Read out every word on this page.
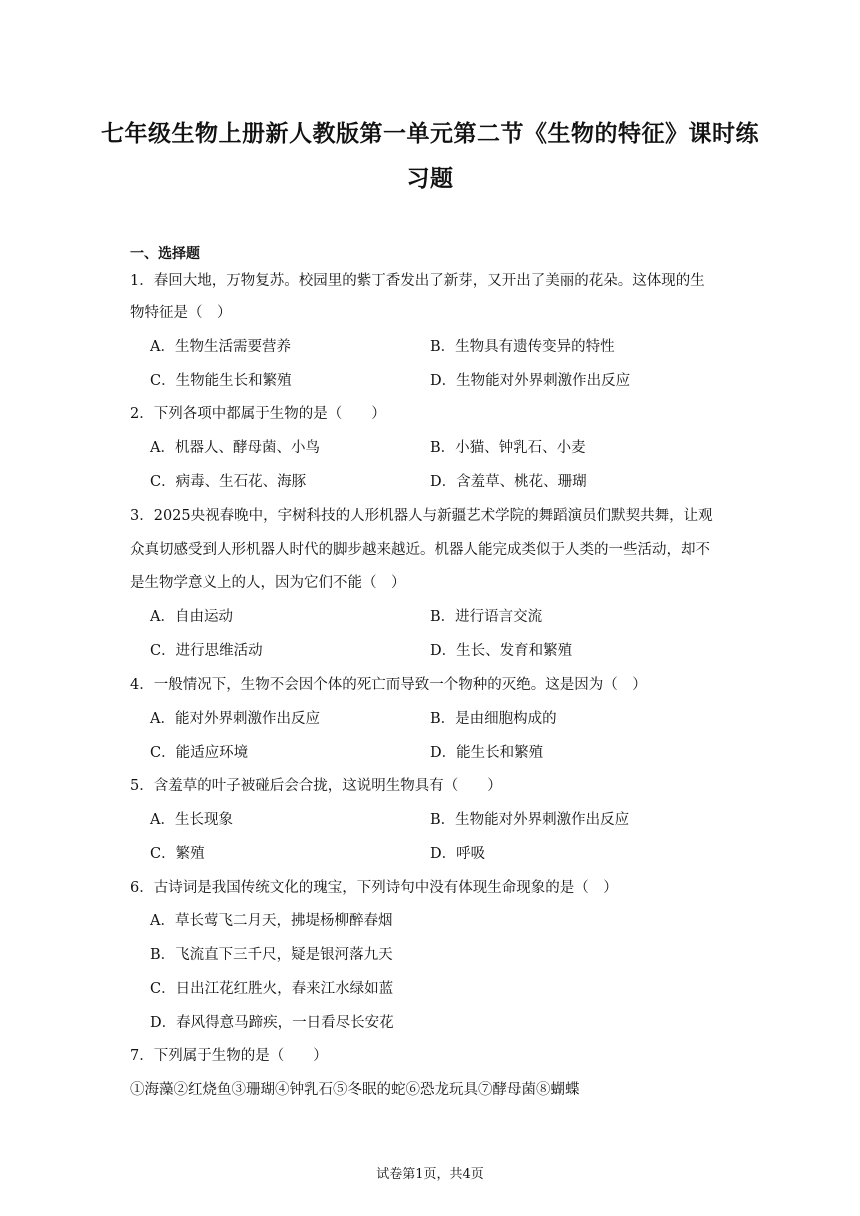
七年级生物上册新人教版第一单元第二节《生物的特征》课时练
习题
一、选择题
1．春回大地，万物复苏。校园里的紫丁香发出了新芽，又开出了美丽的花朵。这体现的生
物特征是（　）
A．生物生活需要营养	B．生物具有遗传变异的特性
C．生物能生长和繁殖	D．生物能对外界刺激作出反应
2．下列各项中都属于生物的是（　　）
A．机器人、酵母菌、小鸟	B．小猫、钟乳石、小麦
C．病毒、生石花、海豚	D．含羞草、桃花、珊瑚
3．2025央视春晚中，宇树科技的人形机器人与新疆艺术学院的舞蹈演员们默契共舞，让观
众真切感受到人形机器人时代的脚步越来越近。机器人能完成类似于人类的一些活动，却不
是生物学意义上的人，因为它们不能（　）
A．自由运动	B．进行语言交流
C．进行思维活动	D．生长、发育和繁殖
4．一般情况下，生物不会因个体的死亡而导致一个物种的灭绝。这是因为（　）
A．能对外界刺激作出反应	B．是由细胞构成的
C．能适应环境	D．能生长和繁殖
5．含羞草的叶子被碰后会合拢，这说明生物具有（　　）
A．生长现象	B．生物能对外界刺激作出反应
C．繁殖	D．呼吸
6．古诗词是我国传统文化的瑰宝，下列诗句中没有体现生命现象的是（　）
A．草长莺飞二月天，拂堤杨柳醉春烟
B．飞流直下三千尺，疑是银河落九天
C．日出江花红胜火，春来江水绿如蓝
D．春风得意马蹄疾，一日看尽长安花
7．下列属于生物的是（　　）
①海藻②红烧鱼③珊瑚④钟乳石⑤冬眠的蛇⑥恐龙玩具⑦酵母菌⑧蝴蝶
试卷第1页，共4页
